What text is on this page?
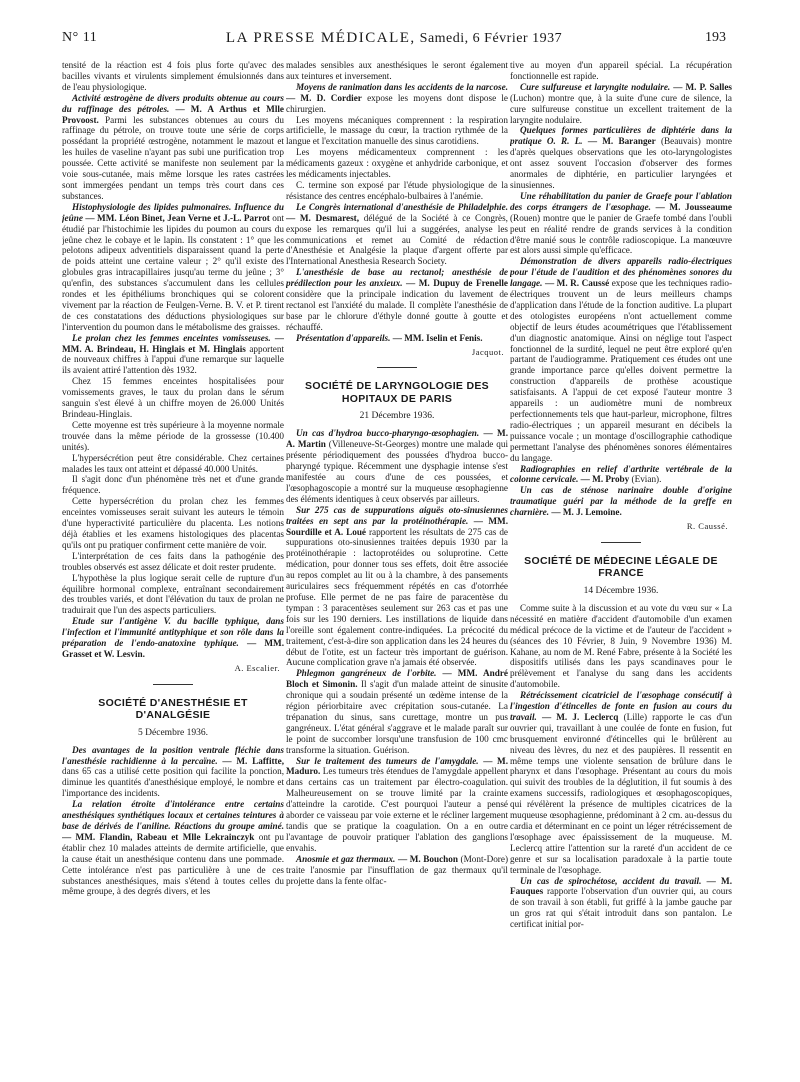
N° 11	LA PRESSE MÉDICALE, Samedi, 6 Février 1937	193

tensité de la réaction est 4 fois plus forte qu'avec des bacilles vivants et virulents simplement émulsionnés dans de l'eau physiologique.

Activité œstrogène de divers produits obtenue au cours du raffinage des pétroles. — M. A Arthus et Mlle Provoost. Parmi les substances obtenues au cours du raffinage du pétrole, on trouve toute une série de corps possédant la propriété œstrogène, notamment le mazout et les huiles de vaseline n'ayant pas subi une purification trop poussée. Cette activité se manifeste non seulement par la voie sous-cutanée, mais même lorsque les rates castrées sont immergées pendant un temps très court dans ces substances.

Histophysiologie des lipides pulmonaires. Influence du jeûne — MM. Léon Binet, Jean Verne et J.-L. Parrot ont étudié par l'histochimie les lipides du poumon au cours du jeûne chez le cobaye et le lapin. Ils constatent : 1° que les pelotons adipeux adventitiels disparaissent quand la perte de poids atteint une certaine valeur ; 2° qu'il existe des globules gras intracapillaires jusqu'au terme du jeûne ; 3° qu'enfin, des substances s'accumulent dans les cellules rondes et les épithéliums bronchiques qui se colorent vivement par la réaction de Feulgen-Verne. B. V. et P. tirent de ces constatations des déductions physiologiques sur l'intervention du poumon dans le métabolisme des graisses.

Le prolan chez les femmes enceintes vomisseuses. — MM. A. Brindeau, H. Hinglais et M. Hinglais apportent de nouveaux chiffres à l'appui d'une remarque sur laquelle ils avaient attiré l'attention dès 1932.

Chez 15 femmes enceintes hospitalisées pour vomissements graves, le taux du prolan dans le sérum sanguin s'est élevé à un chiffre moyen de 26.000 Unités Brindeau-Hinglais.

Cette moyenne est très supérieure à la moyenne normale trouvée dans la même période de la grossesse (10.400 unités).

L'hypersécrétion peut être considérable. Chez certaines malades les taux ont atteint et dépassé 40.000 Unités.

Il s'agit donc d'un phénomène très net et d'une grande fréquence.

Cette hypersécrétion du prolan chez les femmes enceintes vomisseuses serait suivant les auteurs le témoin d'une hyperactivité particulière du placenta. Les notions déjà établies et les examens histologiques des placentas qu'ils ont pu pratiquer confirment cette manière de voir.

L'interprétation de ces faits dans la pathogénie des troubles observés est assez délicate et doit rester prudente.

L'hypothèse la plus logique serait celle de rupture d'un équilibre hormonal complexe, entraînant secondairement des troubles variés, et dont l'élévation du taux de prolan ne traduirait que l'un des aspects particuliers.

Etude sur l'antigène V. du bacille typhique, dans l'infection et l'immunité antityphique et son rôle dans la préparation de l'endo-anatoxine typhique. — MM. Grasset et W. Lesvin.

A. Escalier.
SOCIÉTÉ D'ANESTHÉSIE ET D'ANALGÉSIE
5 Décembre 1936.

Des avantages de la position ventrale fléchie dans l'anesthésie rachidienne à la percaïne. — M. Laffitte, dans 65 cas a utilisé cette position qui facilite la ponction, diminue les quantités d'anesthésique employé, le nombre et l'importance des incidents.

La relation étroite d'intolérance entre certains anesthésiques synthétiques locaux et certaines teintures à base de dérivés de l'aniline. Réactions du groupe aminé. — MM. Flandin, Rabeau et Mlle Lekrainczyk ont pu établir chez 10 malades atteints de dermite artificielle, que la cause était un anesthésique contenu dans une pommade. Cette intolérance n'est pas particulière à une de ces substances anesthésiques, mais s'étend à toutes celles du même groupe, à des degrés divers, et les

malades sensibles aux anesthésiques le seront également aux teintures et inversement.

Moyens de ranimation dans les accidents de la narcose. — M. D. Cordier expose les moyens dont dispose le chirurgien.

Les moyens mécaniques comprennent : la respiration artificielle, le massage du cœur, la traction rythmée de la langue et l'excitation manuelle des sinus carotidiens.

Les moyens médicamenteux comprennent : les médicaments gazeux : oxygène et anhydride carbonique, et les médicaments injectables.

C. termine son exposé par l'étude physiologique de la résistance des centres encéphalo-bulbaires à l'anémie.

Le Congrès international d'anesthésie de Philadelphie. — M. Desmarest, délégué de la Société à ce Congrès, expose les remarques qu'il lui a suggérées, analyse les communications et remet au Comité de rédaction d'Anesthésie et Analgésie la plaque d'argent offerte par l'International Anesthesia Research Society.

L'anesthésie de base au rectanol; anesthésie de prédilection pour les anxieux. — M. Dupuy de Frenelle considère que la principale indication du lavement de rectanol est l'anxiété du malade. Il complète l'anesthésie de base par le chlorure d'éthyle donné goutte à goutte et réchauffé.

Présentation d'appareils. — MM. Iselin et Fenis.

Jacquot.
SOCIÉTÉ DE LARYNGOLOGIE DES HOPITAUX DE PARIS
21 Décembre 1936.

Un cas d'hydroa bucco-pharyngo-œsophagien. — M. A. Martin (Villeneuve-St-Georges) montre une malade qui présente périodiquement des poussées d'hydroa bucco-pharyngé typique. Récemment une dysphagie intense s'est manifestée au cours d'une de ces poussées, et l'œsophagoscopie a montré sur la muqueuse œsophagienne des éléments identiques à ceux observés par ailleurs.

Sur 275 cas de suppurations aiguës oto-sinusiennes traitées en sept ans par la protéinothérapie. — MM. Sourdille et A. Loué rapportent les résultats de 275 cas de suppurations oto-sinusiennes traitées depuis 1930 par la protéinothérapie : lactoprotéides ou soluprotine. Cette médication, pour donner tous ses effets, doit être associée au repos complet au lit ou à la chambre, à des pansements auriculaires secs fréquemment répétés en cas d'otorrhée profuse. Elle permet de ne pas faire de paracentèse du tympan : 3 paracentèses seulement sur 263 cas et pas une fois sur les 190 derniers. Les instillations de liquide dans l'oreille sont également contre-indiquées. La précocité du traitement, c'est-à-dire son application dans les 24 heures du début de l'otite, est un facteur très important de guérison. Aucune complication grave n'a jamais été observée.

Phlegmon gangréneux de l'orbite. — MM. André Bloch et Simonin. Il s'agit d'un malade atteint de sinusite chronique qui a soudain présenté un œdème intense de la région périorbitaire avec crépitation sous-cutanée. La trépanation du sinus, sans curettage, montre un pus gangréneux. L'état général s'aggrave et le malade paraît sur le point de succomber lorsqu'une transfusion de 100 cmc transforme la situation. Guérison.

Sur le traitement des tumeurs de l'amygdale. — M. Maduro. Les tumeurs très étendues de l'amygdale appellent dans certains cas un traitement par électro-coagulation. Malheureusement on se trouve limité par la crainte d'atteindre la carotide. C'est pourquoi l'auteur a pensé aborder ce vaisseau par voie externe et le récliner largement tandis que se pratique la coagulation. On a en outre l'avantage de pouvoir pratiquer l'ablation des ganglions envahis.

Anosmie et gaz thermaux. — M. Bouchon (Mont-Dore) traite l'anosmie par l'insufflation de gaz thermaux qu'il projette dans la fente olfac-

tive au moyen d'un appareil spécial. La récupération fonctionnelle est rapide.

Cure sulfureuse et laryngite nodulaire. — M. P. Salles (Luchon) montre que, à la suite d'une cure de silence, la cure sulfureuse constitue un excellent traitement de la laryngite nodulaire.

Quelques formes particulières de diphtérie dans la pratique O. R. L. — M. Baranger (Beauvais) montre d'après quelques observations que les oto-laryngologistes ont assez souvent l'occasion d'observer des formes anormales de diphtérie, en particulier laryngées et sinusiennes.

Une réhabilitation du panier de Graefe pour l'ablation des corps étrangers de l'œsophage. — M. Jousseaume (Rouen) montre que le panier de Graefe tombé dans l'oubli peut en réalité rendre de grands services à la condition d'être manié sous le contrôle radioscopique. La manœuvre est alors aussi simple qu'efficace.

Démonstration de divers appareils radio-électriques pour l'étude de l'audition et des phénomènes sonores du langage. — M. R. Caussé expose que les techniques radio-électriques trouvent un de leurs meilleurs champs d'application dans l'étude de la fonction auditive. La plupart des otologistes européens n'ont actuellement comme objectif de leurs études acoumétriques que l'établissement d'un diagnostic anatomique. Ainsi on néglige tout l'aspect fonctionnel de la surdité, lequel ne peut être exploré qu'en partant de l'audiogramme. Pratiquement ces études ont une grande importance parce qu'elles doivent permettre la construction d'appareils de prothèse acoustique satisfaisants. A l'appui de cet exposé l'auteur montre 3 appareils : un audiomètre muni de nombreux perfectionnements tels que haut-parleur, microphone, filtres radio-électriques ; un appareil mesurant en décibels la puissance vocale ; un montage d'oscillographie cathodique permettant l'analyse des phénomènes sonores élémentaires du langage.

Radiographies en relief d'arthrite vertébrale de la colonne cervicale. — M. Proby (Evian).

Un cas de sténose narinaire double d'origine traumatique guéri par la méthode de la greffe en charnière. — M. J. Lemoine.

R. Caussé.
SOCIÉTÉ DE MÉDECINE LÉGALE DE FRANCE
14 Décembre 1936.

Comme suite à la discussion et au vote du vœu sur « La nécessité en matière d'accident d'automobile d'un examen médical précoce de la victime et de l'auteur de l'accident » (séances des 10 Février, 8 Juin, 9 Novembre 1936) M. Kahane, au nom de M. René Fabre, présente à la Société les dispositifs utilisés dans les pays scandinaves pour le prélèvement et l'analyse du sang dans les accidents d'automobile.

Rétrécissement cicatriciel de l'œsophage consécutif à l'ingestion d'étincelles de fonte en fusion au cours du travail. — M. J. Leclercq (Lille) rapporte le cas d'un ouvrier qui, travaillant à une coulée de fonte en fusion, fut brusquement environné d'étincelles qui le brûlèrent au niveau des lèvres, du nez et des paupières. Il ressentit en même temps une violente sensation de brûlure dans le pharynx et dans l'œsophage. Présentant au cours du mois qui suivit des troubles de la déglutition, il fut soumis à des examens successifs, radiologiques et œsophagoscopiques, qui révélèrent la présence de multiples cicatrices de la muqueuse œsophagienne, prédominant à 2 cm. au-dessus du cardia et déterminant en ce point un léger rétrécissement de l'œsophage avec épaississement de la muqueuse. M. Leclercq attire l'attention sur la rareté d'un accident de ce genre et sur sa localisation paradoxale à la partie toute terminale de l'œsophage.

Un cas de spirochétose, accident du travail. — M. Fauques rapporte l'observation d'un ouvrier qui, au cours de son travail à son établi, fut griffé à la jambe gauche par un gros rat qui s'était introduit dans son pantalon. Le certificat initial por-
